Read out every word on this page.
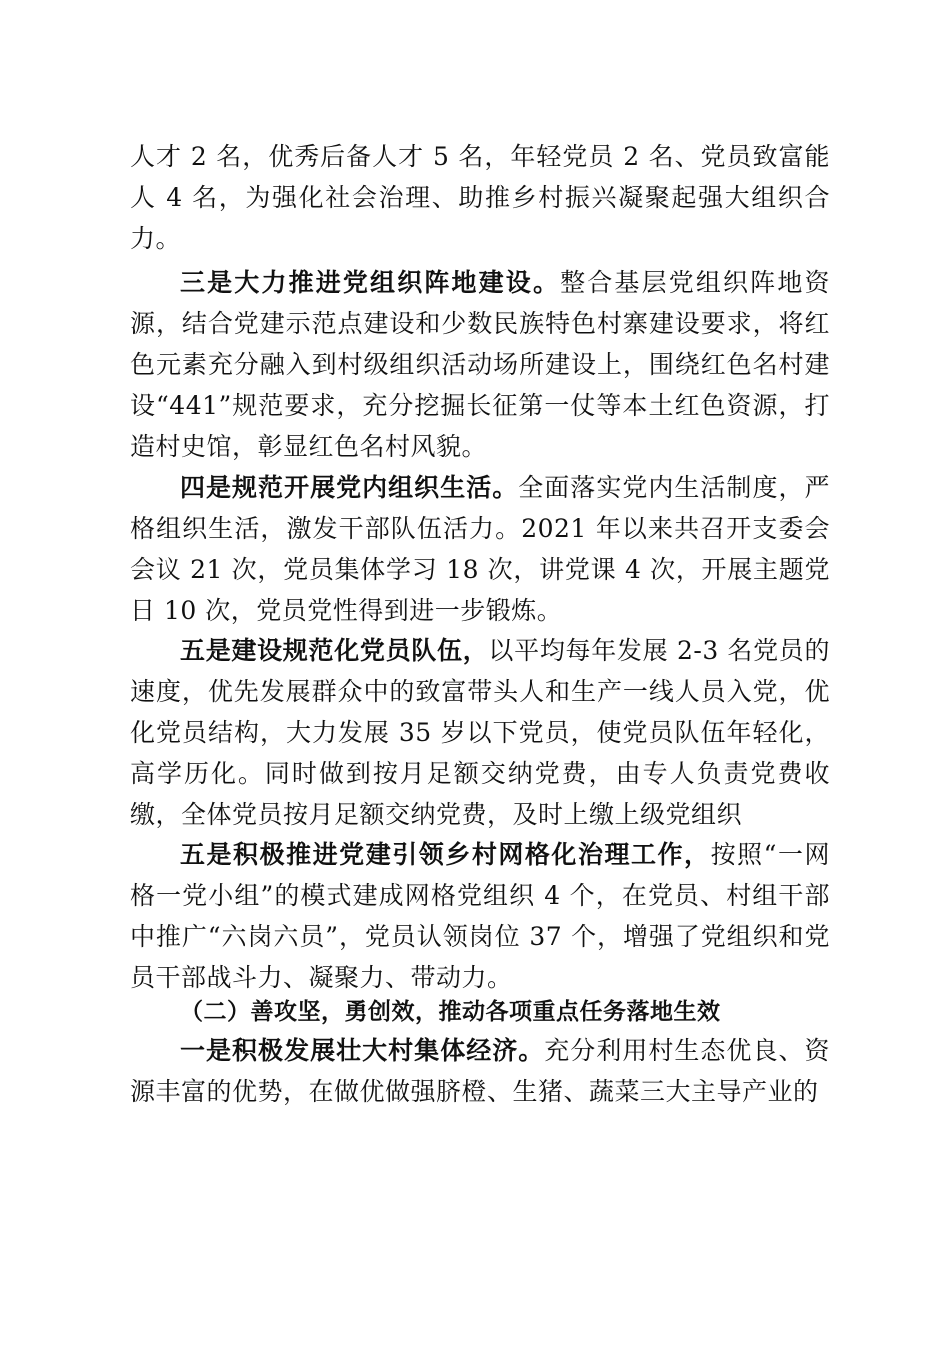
人才 2 名，优秀后备人才 5 名，年轻党员 2 名、党员致富能人 4 名，为强化社会治理、助推乡村振兴凝聚起强大组织合力。
三是大力推进党组织阵地建设。整合基层党组织阵地资源，结合党建示范点建设和少数民族特色村寨建设要求，将红色元素充分融入到村级组织活动场所建设上，围绕红色名村建设“441”规范要求，充分挖掘长征第一仗等本土红色资源，打造村史馆，彰显红色名村风貌。
四是规范开展党内组织生活。全面落实党内生活制度，严格组织生活，激发干部队伍活力。2021 年以来共召开支委会会议 21 次，党员集体学习 18 次，讲党课 4 次，开展主题党日 10 次，党员党性得到进一步锻炼。
五是建设规范化党员队伍，以平均每年发展 2-3 名党员的速度，优先发展群众中的致富带头人和生产一线人员入党，优化党员结构，大力发展 35 岁以下党员，使党员队伍年轻化，高学历化。同时做到按月足额交纳党费，由专人负责党费收缴，全体党员按月足额交纳党费，及时上缴上级党组织
五是积极推进党建引领乡村网格化治理工作，按照“一网格一党小组”的模式建成网格党组织 4 个，在党员、村组干部中推广“六岗六员”，党员认领岗位 37 个，增强了党组织和党员干部战斗力、凝聚力、带动力。
（二）善攻坚，勇创效，推动各项重点任务落地生效
一是积极发展壮大村集体经济。充分利用村生态优良、资源丰富的优势，在做优做强脐橙、生猪、蔬菜三大主导产业的
